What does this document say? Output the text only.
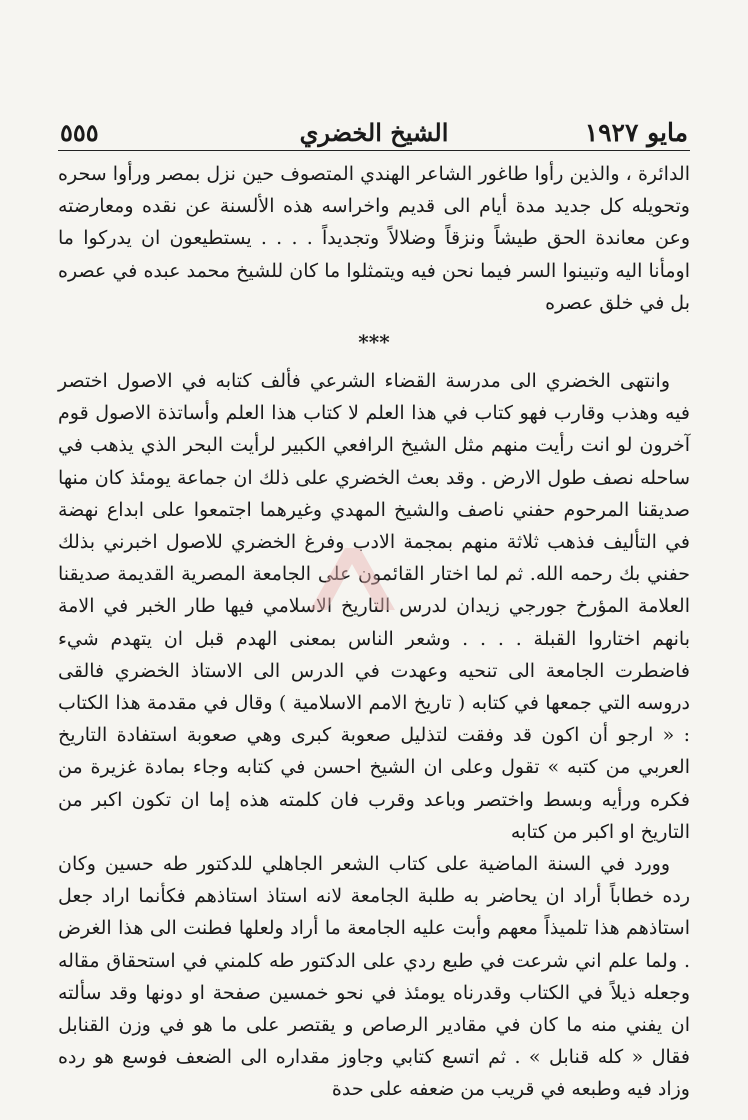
مايو ١٩٢٧
الشيخ الخضري
٥٥٥

الدائرة ، والذين رأوا طاغور الشاعر الهندي المتصوف حين نزل بمصر ورأوا سحره وتحويله كل جديد مدة أيام الى قديم واخراسه هذه الألسنة عن نقده ومعارضته وعن معاندة الحق طيشاً ونزقاً وضلالاً وتجديداً . . . . يستطيعون ان يدركوا ما اومأنا اليه وتبينوا السر فيما نحن فيه ويتمثلوا ما كان للشيخ محمد عبده في عصره بل في خلق عصره

***

وانتهى الخضري الى مدرسة القضاء الشرعي فألف كتابه في الاصول اختصر فيه وهذب وقارب فهو كتاب في هذا العلم لا كتاب هذا العلم وأساتذة الاصول قوم آخرون لو انت رأيت منهم مثل الشيخ الرافعي الكبير لرأيت البحر الذي يذهب في ساحله نصف طول الارض . وقد بعث الخضري على ذلك ان جماعة يومئذ كان منها صديقنا المرحوم حفني ناصف والشيخ المهدي وغيرهما اجتمعوا على ابداع نهضة في التأليف فذهب ثلاثة منهم بمجمة الادب وفرغ الخضري للاصول اخبرني بذلك حفني بك رحمه الله. ثم لما اختار القائمون على الجامعة المصرية القديمة صديقنا العلامة المؤرخ جورجي زيدان لدرس التاريخ الاسلامي فيها طار الخبر في الامة بانهم اختاروا القبلة . . . . وشعر الناس بمعنى الهدم قبل ان يتهدم شيء فاضطرت الجامعة الى تنحيه وعهدت في الدرس الى الاستاذ الخضري فالقى دروسه التي جمعها في كتابه ( تاريخ الامم الاسلامية ) وقال في مقدمة هذا الكتاب : « ارجو أن اكون قد وفقت لتذليل صعوبة كبرى وهي صعوبة استفادة التاريخ العربي من كتبه » تقول وعلى ان الشيخ احسن في كتابه وجاء بمادة غزيرة من فكره ورأيه وبسط واختصر وباعد وقرب فان كلمته هذه إما ان تكون اكبر من التاريخ او اكبر من كتابه

وورد في السنة الماضية على كتاب الشعر الجاهلي للدكتور طه حسين وكان رده خطاباً أراد ان يحاضر به طلبة الجامعة لانه استاذ استاذهم فكأنما اراد جعل استاذهم هذا تلميذاً معهم وأبت عليه الجامعة ما أراد ولعلها فطنت الى هذا الغرض . ولما علم اني شرعت في طبع ردي على الدكتور طه كلمني في استحقاق مقاله وجعله ذيلاً في الكتاب وقدرناه يومئذ في نحو خمسين صفحة او دونها وقد سألته ان يفني منه ما كان في مقادير الرصاص و يقتصر على ما هو في وزن القنابل فقال « كله قنابل » . ثم اتسع كتابي وجاوز مقداره الى الضعف فوسع هو رده وزاد فيه وطبعه في قريب من ضعفه على حدة
